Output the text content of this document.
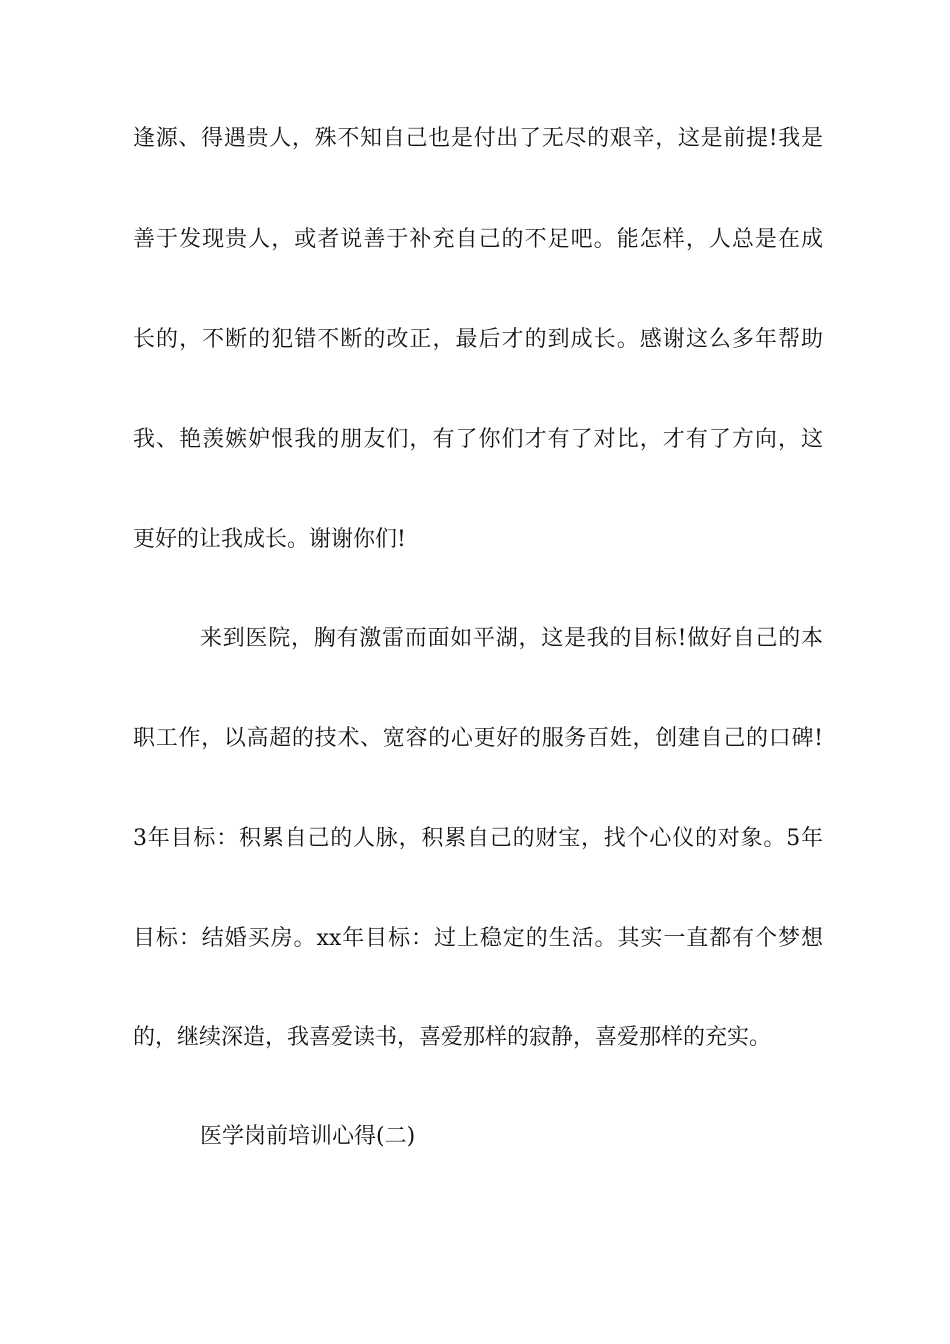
逢源、得遇贵人，殊不知自己也是付出了无尽的艰辛，这是前提!我是
善于发现贵人，或者说善于补充自己的不足吧。能怎样，人总是在成
长的，不断的犯错不断的改正，最后才的到成长。感谢这么多年帮助
我、艳羡嫉妒恨我的朋友们，有了你们才有了对比，才有了方向，这
更好的让我成长。谢谢你们!
来到医院，胸有激雷而面如平湖，这是我的目标!做好自己的本
职工作，以高超的技术、宽容的心更好的服务百姓，创建自己的口碑!
3年目标：积累自己的人脉，积累自己的财宝，找个心仪的对象。5年
目标：结婚买房。xx年目标：过上稳定的生活。其实一直都有个梦想
的，继续深造，我喜爱读书，喜爱那样的寂静，喜爱那样的充实。
医学岗前培训心得(二)
